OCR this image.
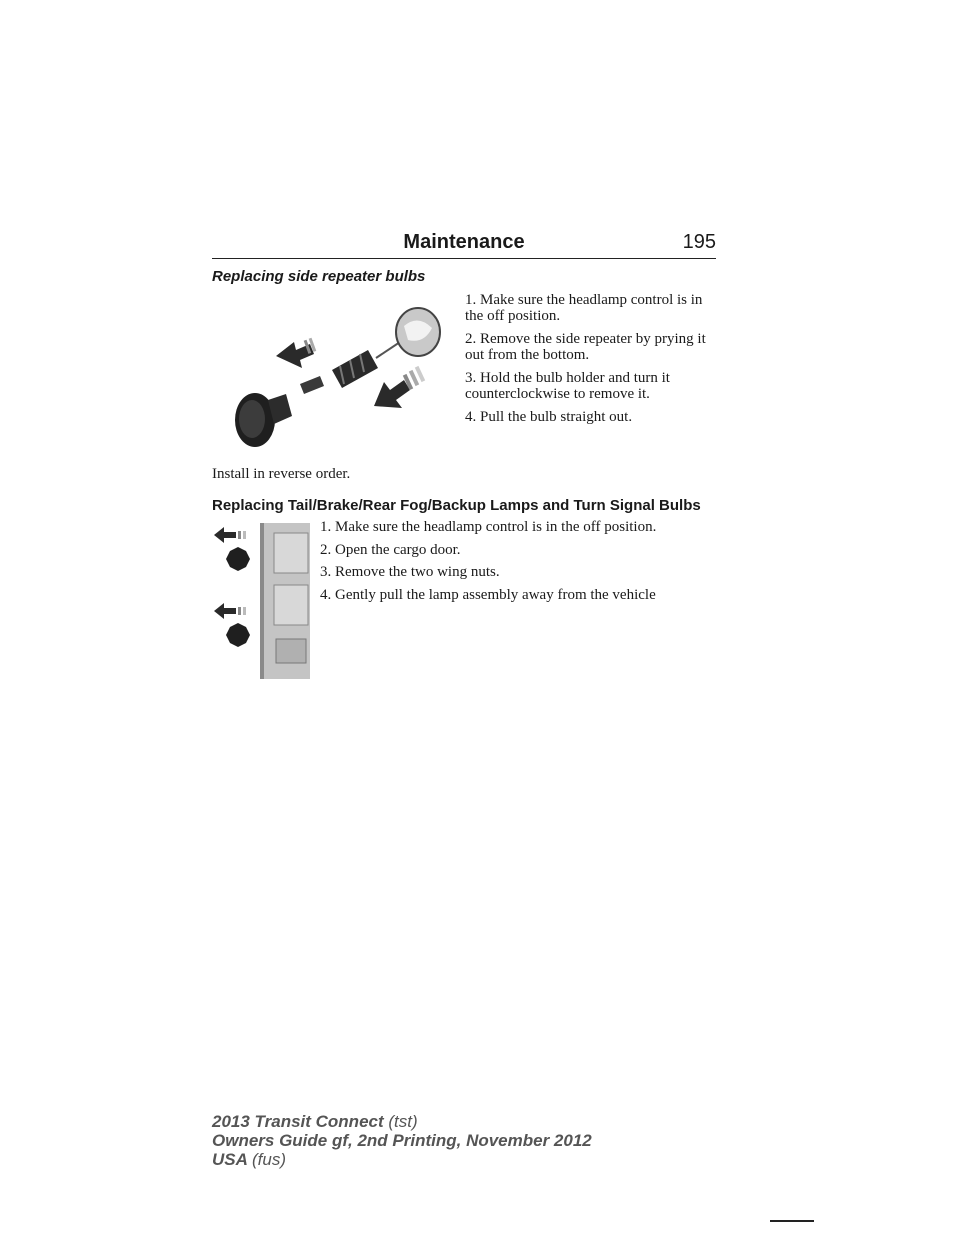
Maintenance	195
Replacing side repeater bulbs
1. Make sure the headlamp control is in the off position.
2. Remove the side repeater by prying it out from the bottom.
3. Hold the bulb holder and turn it counterclockwise to remove it.
4. Pull the bulb straight out.
Install in reverse order.
Replacing Tail/Brake/Rear Fog/Backup Lamps and Turn Signal Bulbs
1. Make sure the headlamp control is in the off position.
2. Open the cargo door.
3. Remove the two wing nuts.
4. Gently pull the lamp assembly away from the vehicle
2013 Transit Connect (tst)
Owners Guide gf, 2nd Printing, November 2012
USA (fus)
